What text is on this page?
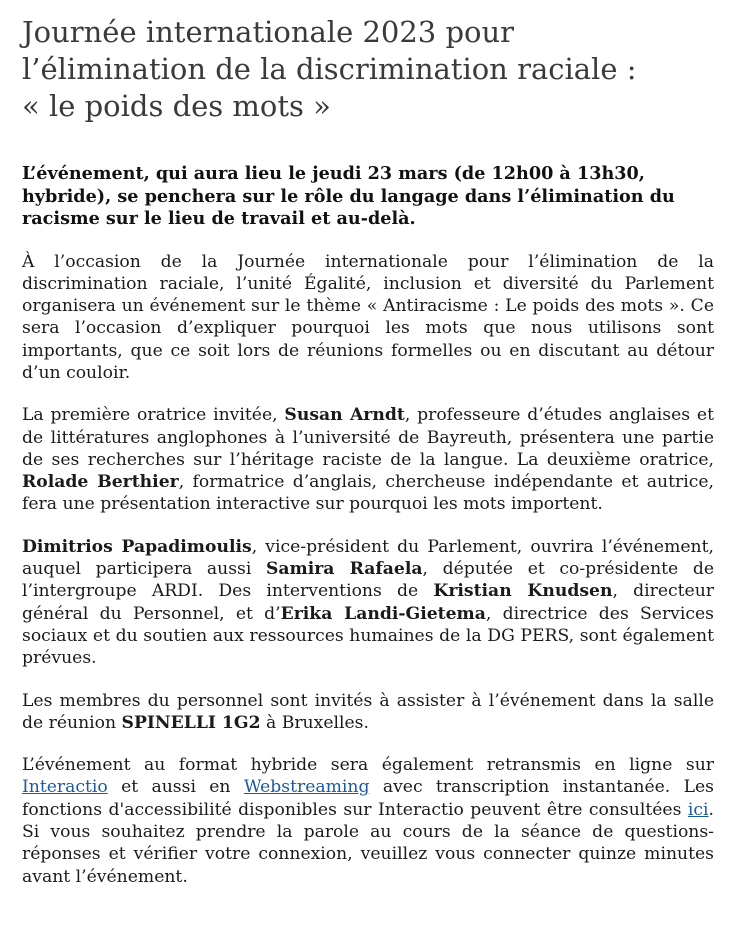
Journée internationale 2023 pour
l’élimination de la discrimination raciale :
« le poids des mots »

L’événement, qui aura lieu le jeudi 23 mars (de 12h00 à 13h30, hybride), se penchera sur le rôle du langage dans l’élimination du racisme sur le lieu de travail et au-delà.

À l’occasion de la Journée internationale pour l’élimination de la discrimination raciale, l’unité Égalité, inclusion et diversité du Parlement organisera un événement sur le thème « Antiracisme : Le poids des mots ». Ce sera l’occasion d’expliquer pourquoi les mots que nous utilisons sont importants, que ce soit lors de réunions formelles ou en discutant au détour d’un couloir.

La première oratrice invitée, Susan Arndt, professeure d’études anglaises et de littératures anglophones à l’université de Bayreuth, présentera une partie de ses recherches sur l’héritage raciste de la langue. La deuxième oratrice, Rolade Berthier, formatrice d’anglais, chercheuse indépendante et autrice, fera une présentation interactive sur pourquoi les mots importent.

Dimitrios Papadimoulis, vice-président du Parlement, ouvrira l’événement, auquel participera aussi Samira Rafaela, députée et co-présidente de l’intergroupe ARDI. Des interventions de Kristian Knudsen, directeur général du Personnel, et d’Erika Landi-Gietema, directrice des Services sociaux et du soutien aux ressources humaines de la DG PERS, sont également prévues.

Les membres du personnel sont invités à assister à l’événement dans la salle de réunion SPINELLI 1G2 à Bruxelles.

L’événement au format hybride sera également retransmis en ligne sur Interactio et aussi en Webstreaming avec transcription instantanée. Les fonctions d'accessibilité disponibles sur Interactio peuvent être consultées ici. Si vous souhaitez prendre la parole au cours de la séance de questions-réponses et vérifier votre connexion, veuillez vous connecter quinze minutes avant l’événement.
